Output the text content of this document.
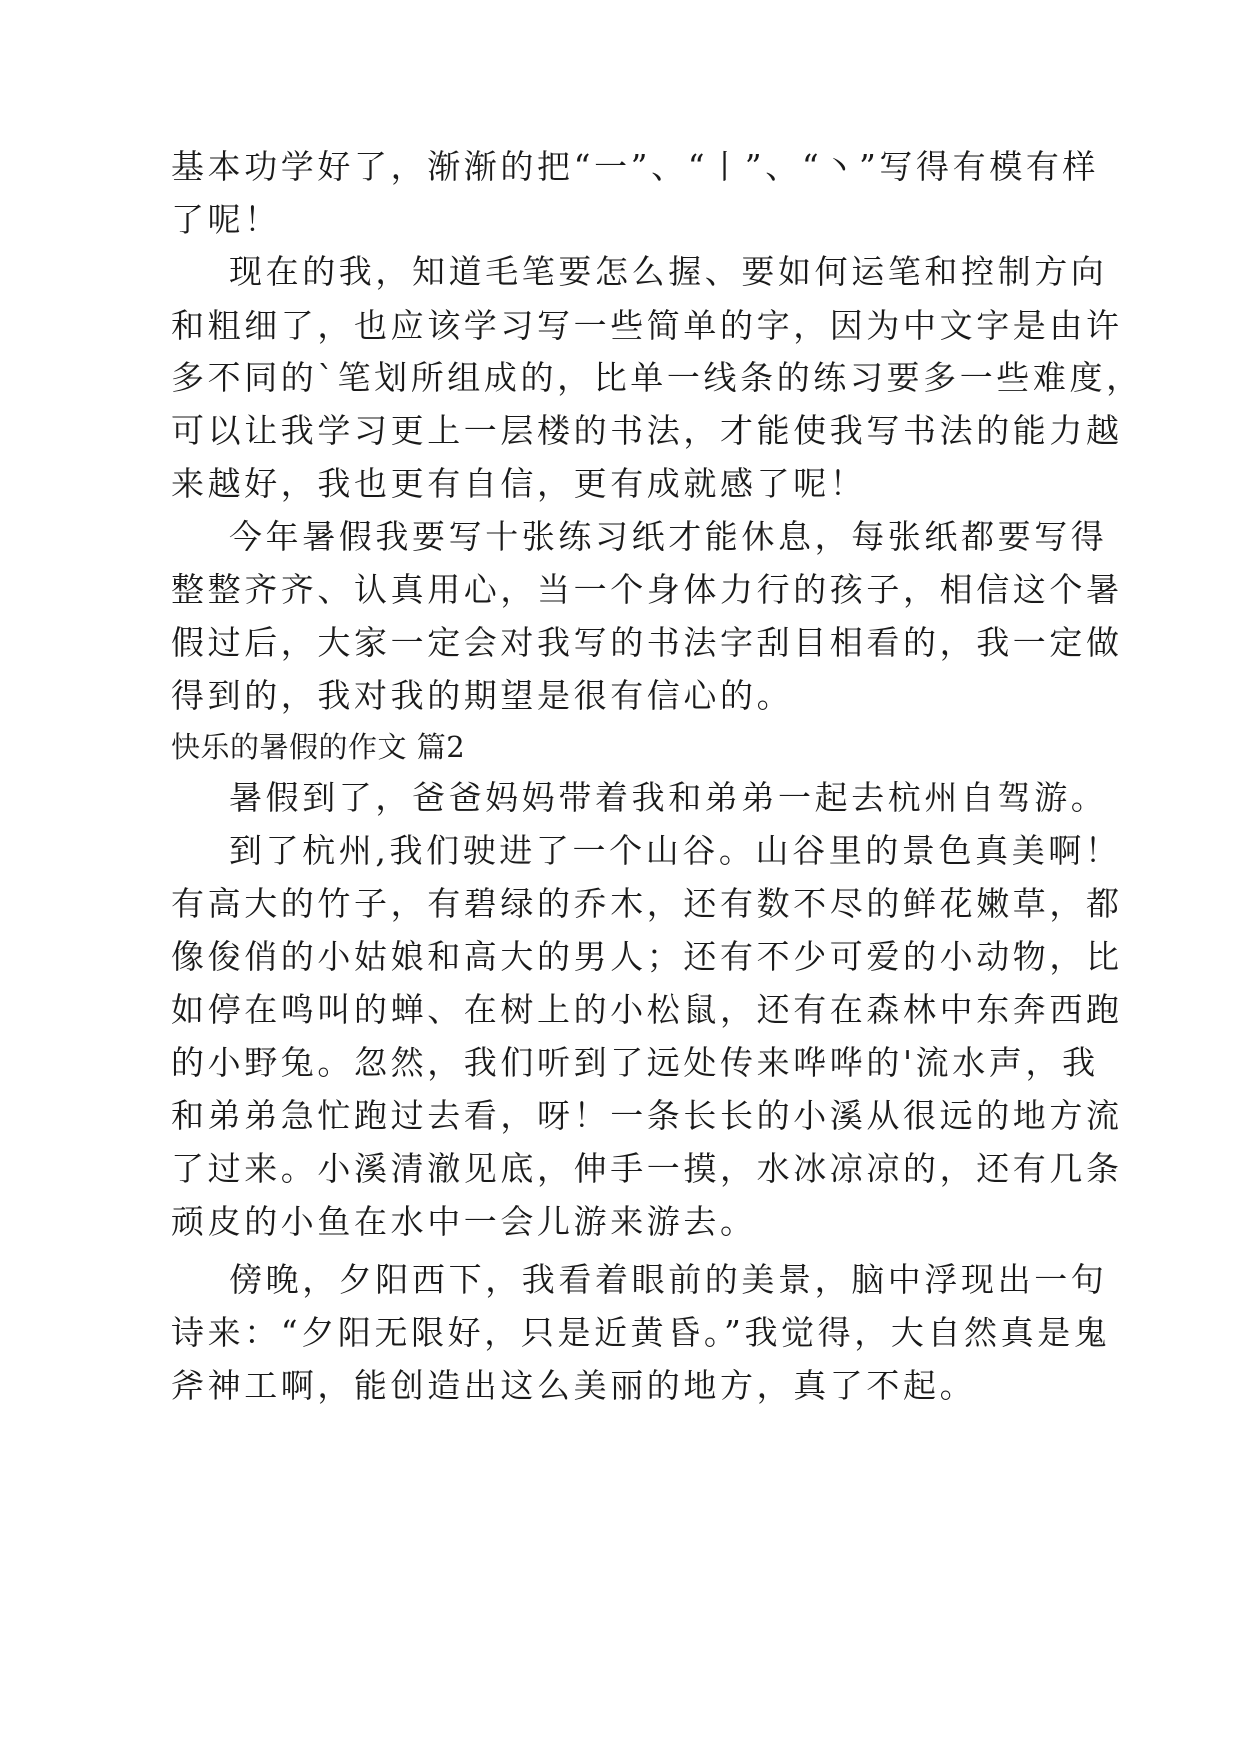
基本功学好了，渐渐的把“一”、“丨”、“丶”写得有模有样

了呢！

现在的我，知道毛笔要怎么握、要如何运笔和控制方向

和粗细了，也应该学习写一些简单的字，因为中文字是由许

多不同的`笔划所组成的，比单一线条的练习要多一些难度，

可以让我学习更上一层楼的书法，才能使我写书法的能力越

来越好，我也更有自信，更有成就感了呢！

今年暑假我要写十张练习纸才能休息，每张纸都要写得

整整齐齐、认真用心，当一个身体力行的孩子，相信这个暑

假过后，大家一定会对我写的书法字刮目相看的，我一定做

得到的，我对我的期望是很有信心的。

快乐的暑假的作文 篇2

暑假到了，爸爸妈妈带着我和弟弟一起去杭州自驾游。

到了杭州,我们驶进了一个山谷。山谷里的景色真美啊！

有高大的竹子，有碧绿的乔木，还有数不尽的鲜花嫩草，都

像俊俏的小姑娘和高大的男人；还有不少可爱的小动物，比

如停在鸣叫的蝉、在树上的小松鼠，还有在森林中东奔西跑

的小野兔。忽然，我们听到了远处传来哗哗的'流水声，我

和弟弟急忙跑过去看，呀！一条长长的小溪从很远的地方流

了过来。小溪清澈见底，伸手一摸，水冰凉凉的，还有几条

顽皮的小鱼在水中一会儿游来游去。

傍晚，夕阳西下，我看着眼前的美景，脑中浮现出一句

诗来：“夕阳无限好，只是近黄昏。”我觉得，大自然真是鬼

斧神工啊，能创造出这么美丽的地方，真了不起。
